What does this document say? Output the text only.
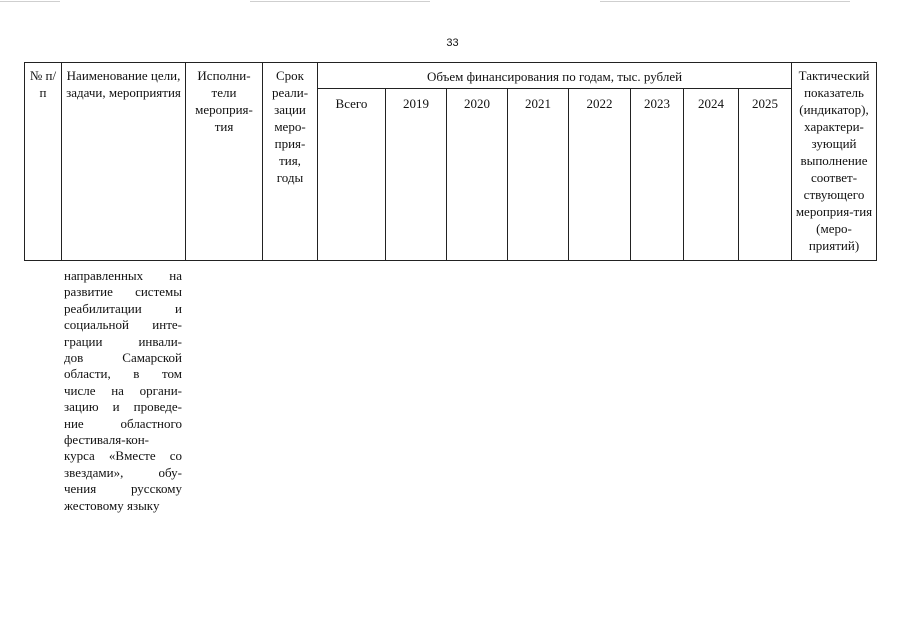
33
№ п/п	Наименование цели, задачи, мероприятия	Исполни-тели мероприя-тия	Срок реали-зации меро-прия-тия, годы	Объем финансирования по годам, тыс. рублей								Тактический показатель (индикатор), характери-зующий выполнение соответ-ствующего мероприя-тия (меро-приятий)
				Всего	2019	2020	2021	2022	2023	2024	2025	
направленных на
развитие системы
реабилитации и
социальной инте-
грации инвали-
дов Самарской
области, в том
числе на органи-
зацию и проведе-
ние областного
фестиваля-кон-
курса «Вместе со
звездами», обу-
чения русскому
жестовому языку
